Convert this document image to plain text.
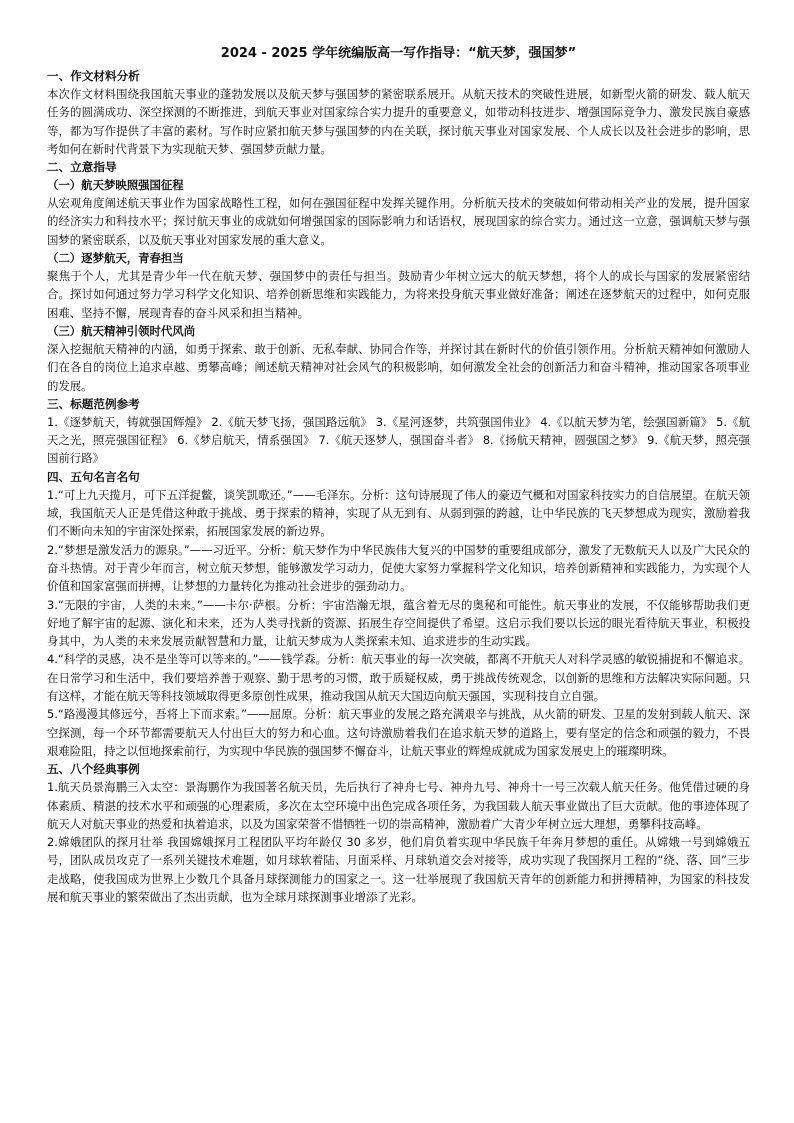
2024 - 2025 学年统编版高一写作指导：“航天梦，强国梦”
一、作文材料分析

本次作文材料围绕我国航天事业的蓬勃发展以及航天梦与强国梦的紧密联系展开。从航天技术的突破性进展，如新型火箭的研发、载人航天任务的圆满成功、深空探测的不断推进，到航天事业对国家综合实力提升的重要意义，如带动科技进步、增强国际竞争力、激发民族自豪感等，都为写作提供了丰富的素材。写作时应紧扣航天梦与强国梦的内在关联，探讨航天事业对国家发展、个人成长以及社会进步的影响，思考如何在新时代背景下为实现航天梦、强国梦贡献力量。

二、立意指导
（一）航天梦映照强国征程

从宏观角度阐述航天事业作为国家战略性工程，如何在强国征程中发挥关键作用。分析航天技术的突破如何带动相关产业的发展，提升国家的经济实力和科技水平；探讨航天事业的成就如何增强国家的国际影响力和话语权，展现国家的综合实力。通过这一立意，强调航天梦与强国梦的紧密联系，以及航天事业对国家发展的重大意义。

（二）逐梦航天，青春担当

聚焦于个人，尤其是青少年一代在航天梦、强国梦中的责任与担当。鼓励青少年树立远大的航天梦想，将个人的成长与国家的发展紧密结合。探讨如何通过努力学习科学文化知识、培养创新思维和实践能力，为将来投身航天事业做好准备；阐述在逐梦航天的过程中，如何克服困难、坚持不懈，展现青春的奋斗风采和担当精神。

（三）航天精神引领时代风尚

深入挖掘航天精神的内涵，如勇于探索、敢于创新、无私奉献、协同合作等，并探讨其在新时代的价值引领作用。分析航天精神如何激励人们在各自的岗位上追求卓越、勇攀高峰；阐述航天精神对社会风气的积极影响，如何激发全社会的创新活力和奋斗精神，推动国家各项事业的发展。

三、标题范例参考

1.《逐梦航天，铸就强国辉煌》 2.《航天梦飞扬，强国路远航》 3.《星河逐梦，共筑强国伟业》 4.《以航天梦为笔，绘强国新篇》 5.《航天之光，照亮强国征程》 6.《梦启航天，情系强国》 7.《航天逐梦人，强国奋斗者》 8.《扬航天精神，圆强国之梦》 9.《航天梦，照亮强国前行路》

四、五句名言名句

1.“可上九天揽月，可下五洋捉鳖，谈笑凯歌还。”——毛泽东。分析：这句诗展现了伟人的豪迈气概和对国家科技实力的自信展望。在航天领域，我国航天人正是凭借这种敢于挑战、勇于探索的精神，实现了从无到有、从弱到强的跨越，让中华民族的飞天梦想成为现实，激励着我们不断向未知的宇宙深处探索，拓展国家发展的新边界。

2.“梦想是激发活力的源泉。”——习近平。分析：航天梦作为中华民族伟大复兴的中国梦的重要组成部分，激发了无数航天人以及广大民众的奋斗热情。对于青少年而言，树立航天梦想，能够激发学习动力，促使大家努力掌握科学文化知识，培养创新精神和实践能力，为实现个人价值和国家富强而拼搏，让梦想的力量转化为推动社会进步的强劲动力。

3.“无限的宇宙，人类的未来。”——卡尔·萨根。分析：宇宙浩瀚无垠，蕴含着无尽的奥秘和可能性。航天事业的发展，不仅能够帮助我们更好地了解宇宙的起源、演化和未来，还为人类寻找新的资源、拓展生存空间提供了希望。这启示我们要以长远的眼光看待航天事业，积极投身其中，为人类的未来发展贡献智慧和力量，让航天梦成为人类探索未知、追求进步的生动实践。

4.“科学的灵感，决不是坐等可以等来的。”——钱学森。分析：航天事业的每一次突破，都离不开航天人对科学灵感的敏锐捕捉和不懈追求。在日常学习和生活中，我们要培养善于观察、勤于思考的习惯，敢于质疑权威，勇于挑战传统观念，以创新的思维和方法解决实际问题。只有这样，才能在航天等科技领域取得更多原创性成果，推动我国从航天大国迈向航天强国，实现科技自立自强。

5.“路漫漫其修远兮，吾将上下而求索。”——屈原。分析：航天事业的发展之路充满艰辛与挑战，从火箭的研发、卫星的发射到载人航天、深空探测，每一个环节都需要航天人付出巨大的努力和心血。这句诗激励着我们在追求航天梦的道路上，要有坚定的信念和顽强的毅力，不畏艰难险阻，持之以恒地探索前行，为实现中华民族的强国梦不懈奋斗，让航天事业的辉煌成就成为国家发展史上的璀璨明珠。

五、八个经典事例

1.航天员景海鹏三入太空：景海鹏作为我国著名航天员，先后执行了神舟七号、神舟九号、神舟十一号三次载人航天任务。他凭借过硬的身体素质、精湛的技术水平和顽强的心理素质，多次在太空环境中出色完成各项任务，为我国载人航天事业做出了巨大贡献。他的事迹体现了航天人对航天事业的热爱和执着追求，以及为国家荣誉不惜牺牲一切的崇高精神，激励着广大青少年树立远大理想，勇攀科技高峰。

2.嫦娥团队的探月壮举 我国嫦娥探月工程团队平均年龄仅 30 多岁，他们肩负着实现中华民族千年奔月梦想的重任。从嫦娥一号到嫦娥五号，团队成员攻克了一系列关键技术难题，如月球软着陆、月面采样、月球轨道交会对接等，成功实现了我国探月工程的“绕、落、回”三步走战略，使我国成为世界上少数几个具备月球探测能力的国家之一。这一壮举展现了我国航天青年的创新能力和拼搏精神，为国家的科技发展和航天事业的繁荣做出了杰出贡献，也为全球月球探测事业增添了光彩。
